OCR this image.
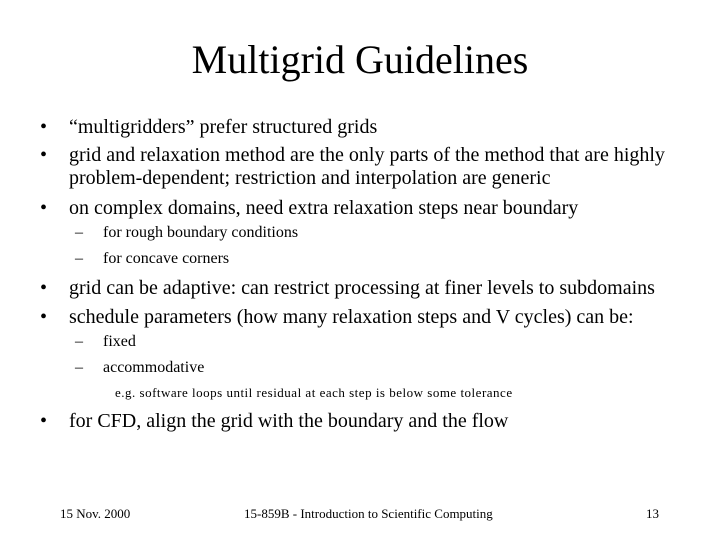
Multigrid Guidelines
• “multigridders” prefer structured grids
• grid and relaxation method are the only parts of the method that are highly
problem-dependent; restriction and interpolation are generic
• on complex domains, need extra relaxation steps near boundary
– for rough boundary conditions
– for concave corners
• grid can be adaptive: can restrict processing at finer levels to subdomains
• schedule parameters (how many relaxation steps and V cycles) can be:
– fixed
– accommodative
e.g. software loops until residual at each step is below some tolerance
• for CFD, align the grid with the boundary and the flow
15 Nov. 2000	15-859B - Introduction to Scientific Computing	13
